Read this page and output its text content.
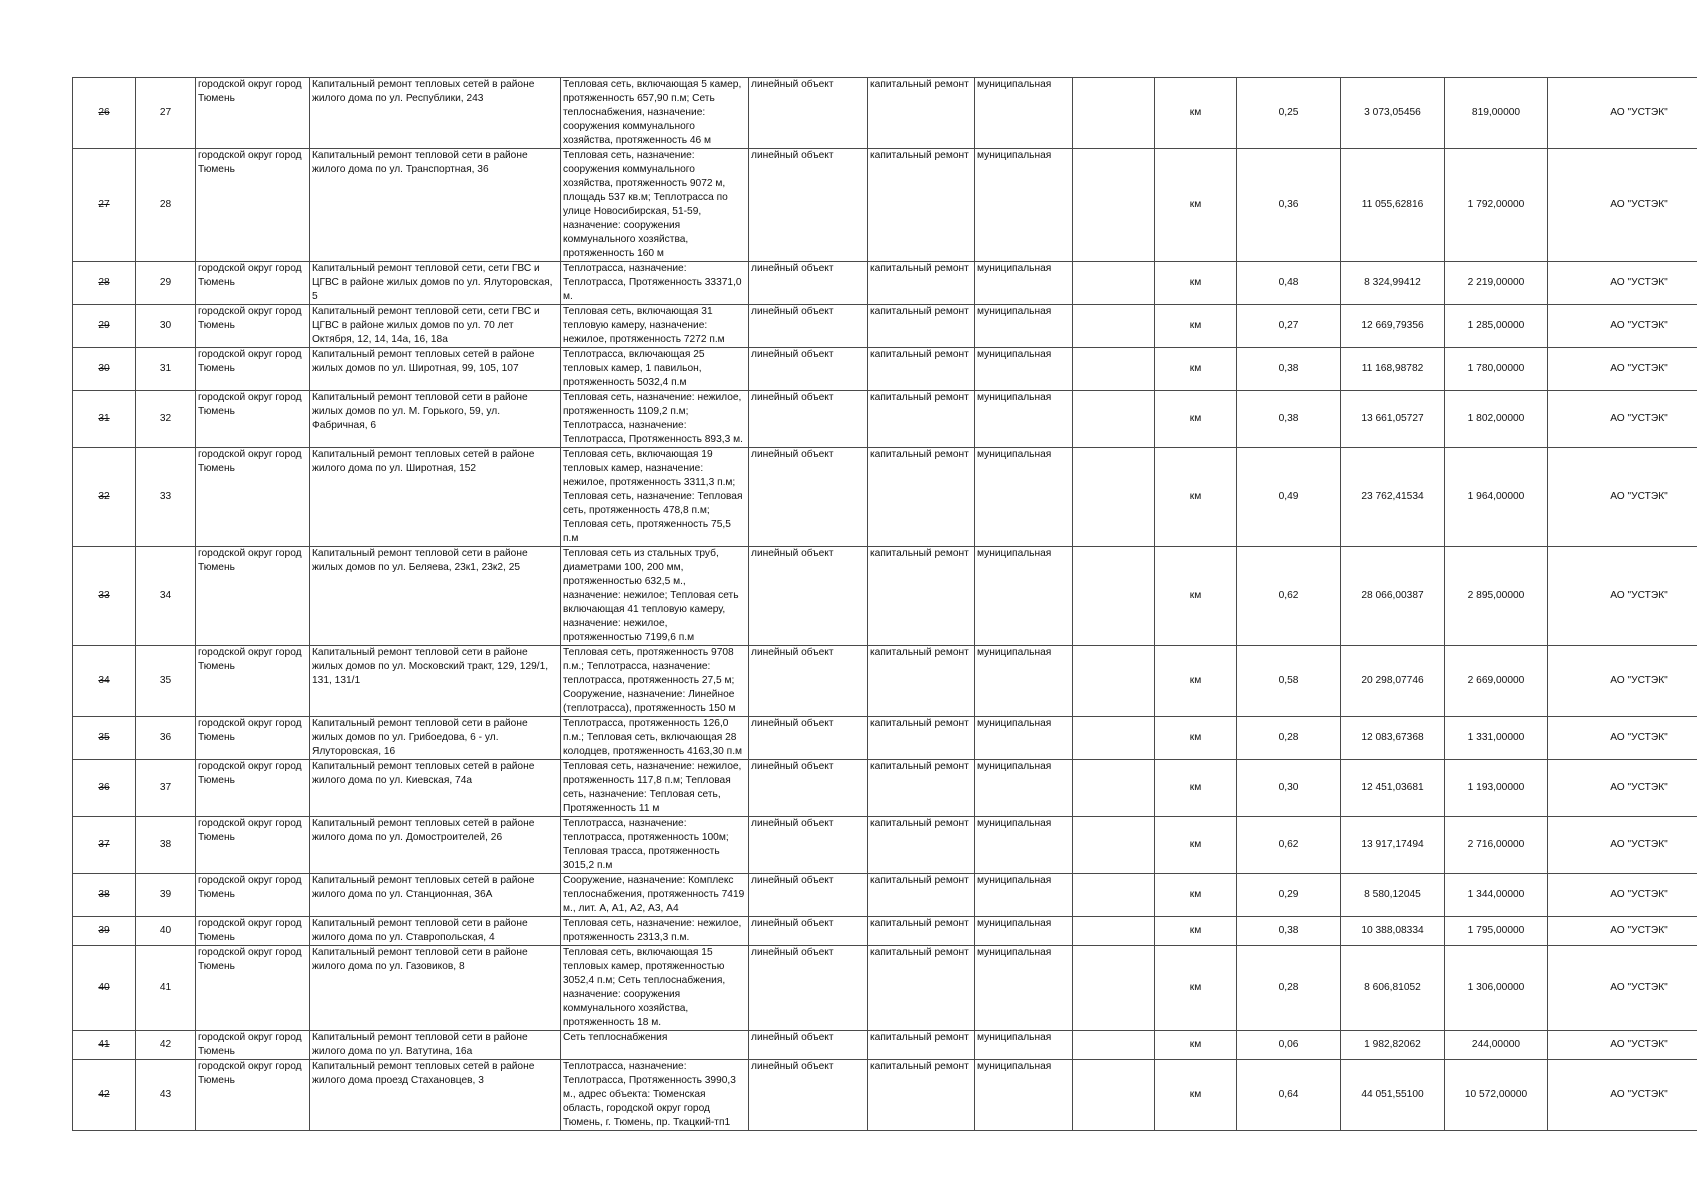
26	27	городской округ город Тюмень	Капитальный ремонт тепловых сетей в районе жилого дома по ул. Республики, 243	Тепловая сеть, включающая 5 камер, протяженность 657,90 п.м; Сеть теплоснабжения, назначение: сооружения коммунального хозяйства, протяженность 46 м	линейный объект	капитальный ремонт	муниципальная		км	0,25	3 073,05456	819,00000	АО "УСТЭК"
27	28	городской округ город Тюмень	Капитальный ремонт тепловой сети в районе жилого дома по ул. Транспортная, 36	Тепловая сеть, назначение: сооружения коммунального хозяйства, протяженность 9072 м, площадь 537 кв.м; Теплотрасса по улице Новосибирская, 51-59, назначение: сооружения коммунального хозяйства, протяженность 160 м	линейный объект	капитальный ремонт	муниципальная		км	0,36	11 055,62816	1 792,00000	АО "УСТЭК"
28	29	городской округ город Тюмень	Капитальный ремонт тепловой сети, сети ГВС и ЦГВС в районе жилых домов по ул. Ялуторовская, 5	Теплотрасса, назначение: Теплотрасса, Протяженность 33371,0 м.	линейный объект	капитальный ремонт	муниципальная		км	0,48	8 324,99412	2 219,00000	АО "УСТЭК"
29	30	городской округ город Тюмень	Капитальный ремонт тепловой сети, сети ГВС и ЦГВС в районе жилых домов по ул. 70 лет Октября, 12, 14, 14а, 16, 18а	Тепловая сеть, включающая 31 тепловую камеру, назначение: нежилое, протяженность 7272 п.м	линейный объект	капитальный ремонт	муниципальная		км	0,27	12 669,79356	1 285,00000	АО "УСТЭК"
30	31	городской округ город Тюмень	Капитальный ремонт тепловых сетей в районе жилых домов по ул. Широтная, 99, 105, 107	Теплотрасса, включающая 25 тепловых камер, 1 павильон, протяженность 5032,4 п.м	линейный объект	капитальный ремонт	муниципальная		км	0,38	11 168,98782	1 780,00000	АО "УСТЭК"
31	32	городской округ город Тюмень	Капитальный ремонт тепловой сети в районе жилых домов по ул. М. Горького, 59, ул. Фабричная, 6	Тепловая сеть, назначение: нежилое, протяженность 1109,2 п.м; Теплотрасса, назначение: Теплотрасса, Протяженность 893,3 м.	линейный объект	капитальный ремонт	муниципальная		км	0,38	13 661,05727	1 802,00000	АО "УСТЭК"
32	33	городской округ город Тюмень	Капитальный ремонт тепловых сетей в районе жилого дома по ул. Широтная, 152	Тепловая сеть, включающая 19 тепловых камер, назначение: нежилое, протяженность 3311,3 п.м; Тепловая сеть, назначение: Тепловая сеть, протяженность 478,8 п.м; Тепловая сеть, протяженность 75,5 п.м	линейный объект	капитальный ремонт	муниципальная		км	0,49	23 762,41534	1 964,00000	АО "УСТЭК"
33	34	городской округ город Тюмень	Капитальный ремонт тепловой сети в районе жилых домов по ул. Беляева, 23к1, 23к2, 25	Тепловая сеть из стальных труб, диаметрами 100, 200 мм, протяженностью 632,5 м., назначение: нежилое; Тепловая сеть включающая 41 тепловую камеру, назначение: нежилое, протяженностью 7199,6 п.м	линейный объект	капитальный ремонт	муниципальная		км	0,62	28 066,00387	2 895,00000	АО "УСТЭК"
34	35	городской округ город Тюмень	Капитальный ремонт тепловой сети в районе жилых домов по ул. Московский тракт, 129, 129/1, 131, 131/1	Тепловая сеть, протяженность 9708 п.м.; Теплотрасса, назначение: теплотрасса, протяженность 27,5 м; Сооружение, назначение: Линейное (теплотрасса), протяженность 150 м	линейный объект	капитальный ремонт	муниципальная		км	0,58	20 298,07746	2 669,00000	АО "УСТЭК"
35	36	городской округ город Тюмень	Капитальный ремонт тепловой сети в районе жилых домов по ул. Грибоедова, 6 - ул. Ялуторовская, 16	Теплотрасса, протяженность 126,0 п.м.; Тепловая сеть, включающая 28 колодцев, протяженность 4163,30 п.м	линейный объект	капитальный ремонт	муниципальная		км	0,28	12 083,67368	1 331,00000	АО "УСТЭК"
36	37	городской округ город Тюмень	Капитальный ремонт тепловых сетей в районе жилого дома по ул. Киевская, 74а	Тепловая сеть, назначение: нежилое, протяженность 117,8 п.м; Тепловая сеть, назначение: Тепловая сеть, Протяженность 11 м	линейный объект	капитальный ремонт	муниципальная		км	0,30	12 451,03681	1 193,00000	АО "УСТЭК"
37	38	городской округ город Тюмень	Капитальный ремонт тепловых сетей в районе жилого дома по ул. Домостроителей, 26	Теплотрасса, назначение: теплотрасса, протяженность 100м; Тепловая трасса, протяженность 3015,2 п.м	линейный объект	капитальный ремонт	муниципальная		км	0,62	13 917,17494	2 716,00000	АО "УСТЭК"
38	39	городской округ город Тюмень	Капитальный ремонт тепловых сетей в районе жилого дома по ул. Станционная, 36А	Сооружение, назначение: Комплекс теплоснабжения, протяженность 7419 м., лит. А, А1, А2, А3, А4	линейный объект	капитальный ремонт	муниципальная		км	0,29	8 580,12045	1 344,00000	АО "УСТЭК"
39	40	городской округ город Тюмень	Капитальный ремонт тепловой сети в районе жилого дома по ул. Ставропольская, 4	Тепловая сеть, назначение: нежилое, протяженность 2313,3 п.м.	линейный объект	капитальный ремонт	муниципальная		км	0,38	10 388,08334	1 795,00000	АО "УСТЭК"
40	41	городской округ город Тюмень	Капитальный ремонт тепловой сети в районе жилого дома по ул. Газовиков, 8	Тепловая сеть, включающая 15 тепловых камер, протяженностью 3052,4 п.м; Сеть теплоснабжения, назначение: сооружения коммунального хозяйства, протяженность 18 м.	линейный объект	капитальный ремонт	муниципальная		км	0,28	8 606,81052	1 306,00000	АО "УСТЭК"
41	42	городской округ город Тюмень	Капитальный ремонт тепловой сети в районе жилого дома по ул. Ватутина, 16а	Сеть теплоснабжения	линейный объект	капитальный ремонт	муниципальная		км	0,06	1 982,82062	244,00000	АО "УСТЭК"
42	43	городской округ город Тюмень	Капитальный ремонт тепловых сетей в районе жилого дома проезд Стахановцев, 3	Теплотрасса, назначение: Теплотрасса, Протяженность 3990,3 м., адрес объекта: Тюменская область, городской округ город Тюмень, г. Тюмень, пр. Ткацкий-тп1	линейный объект	капитальный ремонт	муниципальная		км	0,64	44 051,55100	10 572,00000	АО "УСТЭК"
